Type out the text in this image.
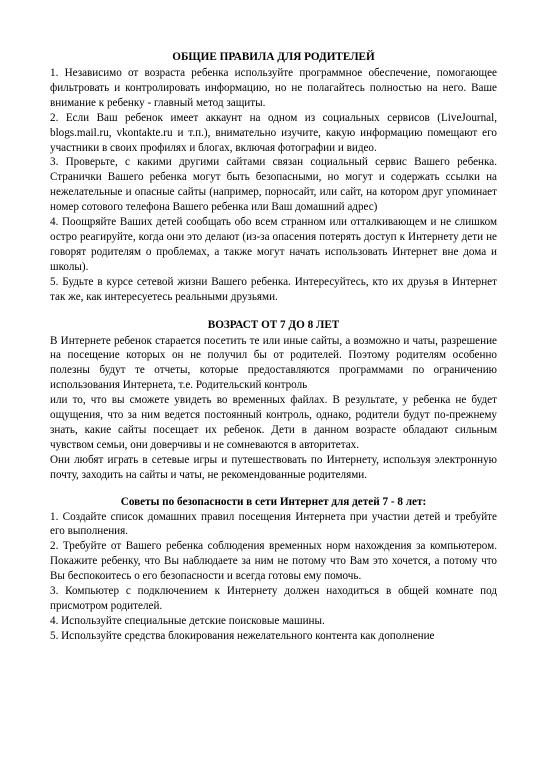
ОБЩИЕ ПРАВИЛА ДЛЯ РОДИТЕЛЕЙ

1. Независимо от возраста ребенка используйте программное обеспечение, помогающее фильтровать и контролировать информацию, но не полагайтесь полностью на него. Ваше внимание к ребенку - главный метод защиты.

2. Если Ваш ребенок имеет аккаунт на одном из социальных сервисов (LiveJournal, blogs.mail.ru, vkontakte.ru и т.п.), внимательно изучите, какую информацию помещают его участники в своих профилях и блогах, включая фотографии и видео.

3. Проверьте, с какими другими сайтами связан социальный сервис Вашего ребенка. Странички Вашего ребенка могут быть безопасными, но могут и содержать ссылки на нежелательные и опасные сайты (например, порносайт, или сайт, на котором друг упоминает номер сотового телефона Вашего ребенка или Ваш домашний адрес)

4. Поощряйте Ваших детей сообщать обо всем странном или отталкивающем и не слишком остро реагируйте, когда они это делают (из-за опасения потерять доступ к Интернету дети не говорят родителям о проблемах, а также могут начать использовать Интернет вне дома и школы).

5. Будьте в курсе сетевой жизни Вашего ребенка. Интересуйтесь, кто их друзья в Интернет так же, как интересуетесь реальными друзьями.

ВОЗРАСТ ОТ 7 ДО 8 ЛЕТ

В Интернете ребенок старается посетить те или иные сайты, а возможно и чаты, разрешение на посещение которых он не получил бы от родителей. Поэтому родителям особенно полезны будут те отчеты, которые предоставляются программами по ограничению использования Интернета, т.е. Родительский контроль

или то, что вы сможете увидеть во временных файлах. В результате, у ребенка не будет ощущения, что за ним ведется постоянный контроль, однако, родители будут по-прежнему знать, какие сайты посещает их ребенок. Дети в данном возрасте обладают сильным чувством семьи, они доверчивы и не сомневаются в авторитетах.

Они любят играть в сетевые игры и путешествовать по Интернету, используя электронную почту, заходить на сайты и чаты, не рекомендованные родителями.

Советы по безопасности в сети Интернет для детей 7 - 8 лет:

1. Создайте список домашних правил посещения Интернета при участии детей и требуйте его выполнения.

2. Требуйте от Вашего ребенка соблюдения временных норм нахождения за компьютером. Покажите ребенку, что Вы наблюдаете за ним не потому что Вам это хочется, а потому что Вы беспокоитесь о его безопасности и всегда готовы ему помочь.

3. Компьютер с подключением к Интернету должен находиться в общей комнате под присмотром родителей.

4. Используйте специальные детские поисковые машины.

5. Используйте средства блокирования нежелательного контента как дополнение
